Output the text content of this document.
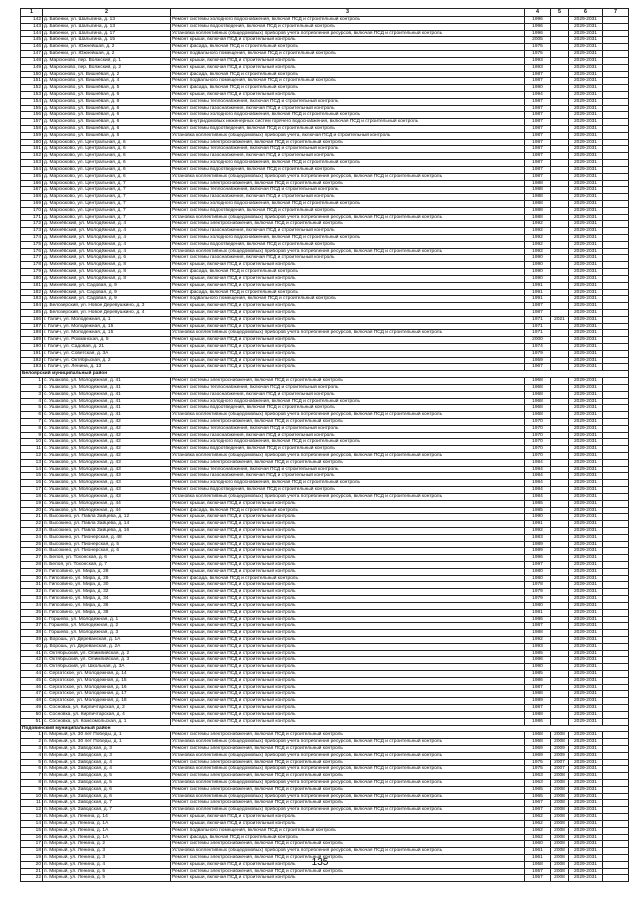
1	2	3	4	5	6	7
142	д. Бабенки, ул. Шалыгина, д. 13	Ремонт системы холодного водоснабжения, включая ПСД и строительный контроль	1996		2029-2031	
143	д. Бабенки, ул. Шалыгина, д. 13	Ремонт системы водоотведения, включая ПСД и строительный контроль	1996		2029-2031	
144	д. Бабенки, ул. Шалыгина, д. 17	Установка коллективных (общедомовых) приборов учета потребления ресурсов, включая ПСД и строительный контроль	1996		2029-2031	
145	д. Бабенки, ул. Шалыгина, д. 15	Ремонт крыши, включая ПСД и строительный контроль	2005		2029-2031	
146	д. Бабенки, ул. Южнейшая, д. 2	Ремонт фасада, включая ПСД и строительный контроль	1975		2029-2031	
147	д. Бабенки, ул. Южнейшая, д. 2	Ремонт подвального помещения, включая ПСД и строительный контроль	1975		2029-2031	
148	д. Марсюново, пер. Волжский, д. 1	Ремонт крыши, включая ПСД и строительный контроль	1993		2029-2031	
149	д. Марсюново, пер. Волжский, д. 2	Ремонт крыши, включая ПСД и строительный контроль	1993		2029-2031	
150	д. Марсюново, ул. Вишнёвая, д. 2	Ремонт фасада, включая ПСД и строительный контроль	1987		2029-2031	
151	д. Марсюново, ул. Вишнёвая, д. 4	Ремонт подвального помещения, включая ПСД и строительный контроль	1987		2029-2031	
152	д. Марсюново, ул. Вишнёвая, д. 5	Ремонт фасада, включая ПСД и строительный контроль	1990		2029-2031	
153	д. Марсюново, ул. Вишнёвая, д. 6	Ремонт крыши, включая ПСД и строительный контроль	1994		2029-2031	
154	д. Марсюново, ул. Вишнёвая, д. 6	Ремонт системы теплоснабжения, включая ПСД и строительный контроль	1987		2029-2031	
155	д. Марсюново, ул. Вишнёвая, д. 6	Ремонт системы газоснабжения, включая ПСД и строительный контроль	1987		2029-2031	
156	д. Марсюново, ул. Вишнёвая, д. 6	Ремонт системы холодного водоснабжения, включая ПСД и строительный контроль	1987		2029-2031	
157	д. Марсюново, ул. Вишнёвая, д. 6	Ремонт внутридомовых инженерных систем горячего водоснабжения, включая ПСД и строительный контроль	1987		2029-2031	
158	д. Марсюново, ул. Вишнёвая, д. 6	Ремонт системы водоотведения, включая ПСД и строительный контроль	1987		2029-2031	
159	д. Марсюново, ул. Вишнёвая, д. 6	Установка коллективных (общедомовых) приборов учета, включая ПСД и строительный контроль	1987		2029-2031	
160	д. Марсюково, ул. Центральная, д. 6	Ремонт системы электроснабжения, включая ПСД и строительный контроль	1987		2029-2031	
161	д. Марсюково, ул. Центральная, д. 6	Ремонт системы теплоснабжения, включая ПСД и строительный контроль	1987		2029-2031	
162	д. Марсюково, ул. Центральная, д. 6	Ремонт системы газоснабжения, включая ПСД и строительный контроль	1987		2029-2031	
163	д. Марсюково, ул. Центральная, д. 6	Ремонт системы холодного водоснабжения, включая ПСД и строительный контроль	1987		2029-2031	
164	д. Марсюково, ул. Центральная, д. 6	Ремонт системы водоотведения, включая ПСД и строительный контроль	1987		2029-2031	
165	д. Марсюково, ул. Центральная, д. 6	Установка коллективных (общедомовых) приборов учета потребления ресурсов, включая ПСД и строительный контроль	1987		2029-2031	
166	д. Марсюково, ул. Центральная, д. 7	Ремонт системы электроснабжения, включая ПСД и строительный контроль	1988		2029-2031	
167	д. Марсюково, ул. Центральная, д. 7	Ремонт системы теплоснабжения, включая ПСД и строительный контроль	1988		2029-2031	
168	д. Марсюково, ул. Центральная, д. 7	Ремонт системы газоснабжения, включая ПСД и строительный контроль	1988		2029-2031	
169	д. Марсюково, ул. Центральная, д. 7	Ремонт системы холодного водоснабжения, включая ПСД и строительный контроль	1988		2029-2031	
170	д. Марсюково, ул. Центральная, д. 7	Ремонт системы водоотведения, включая ПСД и строительный контроль	1988		2029-2031	
171	д. Марсюково, ул. Центральная, д. 7	Установка коллективных (общедомовых) приборов учета потребления ресурсов, включая ПСД и строительный контроль	1988		2029-2031	
172	д. Михнёвский, ул. Молодёжная, д. 4	Ремонт системы электроснабжения, включая ПСД и строительный контроль	1992		2029-2031	
173	д. Михнёвский, ул. Молодёжная, д. 4	Ремонт системы газоснабжения, включая ПСД и строительный контроль	1992		2029-2031	
174	д. Михнёвский, ул. Молодёжная, д. 4	Ремонт системы холодного водоснабжения, включая ПСД и строительный контроль	1992		2029-2031	
175	д. Михнёвский, ул. Молодёжная, д. 4	Ремонт системы водоотведения, включая ПСД и строительный контроль	1992		2029-2031	
176	д. Михнёвский, ул. Молодёжная, д. 4	Установка коллективных (общедомовых) приборов учета потребления ресурсов, включая ПСД и строительный контроль	1992		2029-2031	
177	д. Михнёвский, ул. Молодёжная, д. 6	Ремонт системы газоснабжения, включая ПСД и строительный контроль	1990		2029-2031	
178	д. Михнёвский, ул. Молодёжная, д. 8	Ремонт крыши, включая ПСД и строительный контроль	1990		2029-2031	
179	д. Михнёвский, ул. Молодёжная, д. 8	Ремонт фасада, включая ПСД и строительный контроль	1990		2029-2031	
180	д. Михнёвский, ул. Молодёжная, д. 8	Ремонт крыши, включая ПСД и строительный контроль	1990		2029-2031	
181	д. Михнёвский, ул. Садовая, д. 9	Ремонт крыши, включая ПСД и строительный контроль	1991		2029-2031	
182	д. Михнёвский, ул. Садовая, д. 9	Ремонт фасада, включая ПСД и строительный контроль	1991		2029-2031	
183	д. Михнёвский, ул. Садовая, д. 9	Ремонт подвального помещения, включая ПСД и строительный контроль	1991		2029-2031	
184	д. Белозерский, ул. Новое Деревушкино, д. 3	Ремонт крыши, включая ПСД и строительный контроль	1987		2029-2031	
185	д. Белозерский, ул. Новое Деревушкино, д. 4	Ремонт крыши, включая ПСД и строительный контроль	1987		2029-2031	
186	г. Галич, ул. Молодежная, д. 1	Ремонт крыши, включая ПСД и строительный контроль	1971	2021	2029-2031	
187	г. Галич, ул. Молодежная, д. 15	Ремонт крыши, включая ПСД и строительный контроль	1971		2029-2031	
188	г. Галич, ул. Молодежная, д. 15	Установка коллективных (общедомовых) приборов учета потребления ресурсов, включая ПСД и строительный контроль	1971		2029-2031	
189	г. Галич, ул. Рохманская, д. 5	Ремонт крыши, включая ПСД и строительный контроль	2000		2029-2031	
190	г. Галич, ул. Садовая, д. 21	Ремонт крыши, включая ПСД и строительный контроль	1974		2029-2031	
191	г. Галич, ул. Советская, д. 3А	Ремонт крыши, включая ПСД и строительный контроль	1979		2029-2031	
192	г. Галич, ул. Октябрьская, д. 2	Ремонт крыши, включая ПСД и строительный контроль	1959		2029-2031	
193	г. Галич, ул. Ленина, д. 13	Ремонт крыши, включая ПСД и строительный контроль	1967		2029-2031	
Белоярский муниципальный район						
1	с. Ушаково, ул. Молодежная, д. 41	Ремонт системы электроснабжения, включая ПСД и строительный контроль	1968		2029-2031	
2	с. Ушаково, ул. Молодежная, д. 41	Ремонт системы теплоснабжения, включая ПСД и строительный контроль	1968		2029-2031	
3	с. Ушаково, ул. Молодежная, д. 41	Ремонт системы газоснабжения, включая ПСД и строительный контроль	1968		2029-2031	
4	с. Ушаково, ул. Молодежная, д. 41	Ремонт системы холодного водоснабжения, включая ПСД и строительный контроль	1968		2029-2031	
5	с. Ушаково, ул. Молодежная, д. 41	Ремонт системы водоотведения, включая ПСД и строительный контроль	1968		2029-2031	
6	с. Ушаково, ул. Молодежная, д. 41	Установка коллективных (общедомовых) приборов учета потребления ресурсов, включая ПСД и строительный контроль	1968		2029-2031	
7	с. Ушаково, ул. Молодежная, д. 42	Ремонт системы электроснабжения, включая ПСД и строительный контроль	1970		2029-2031	
8	с. Ушаково, ул. Молодежная, д. 42	Ремонт системы теплоснабжения, включая ПСД и строительный контроль	1970		2029-2031	
9	с. Ушаково, ул. Молодежная, д. 42	Ремонт системы газоснабжения, включая ПСД и строительный контроль	1970		2029-2031	
10	с. Ушаково, ул. Молодежная, д. 42	Ремонт системы холодного водоснабжения, включая ПСД и строительный контроль	1970		2029-2031	
11	с. Ушаково, ул. Молодежная, д. 42	Ремонт системы водоотведения, включая ПСД и строительный контроль	1970		2029-2031	
12	с. Ушаково, ул. Молодежная, д. 42	Установка коллективных (общедомовых) приборов учета потребления ресурсов, включая ПСД и строительный контроль	1970		2029-2031	
13	с. Ушаково, ул. Молодежная, д. 43	Ремонт системы электроснабжения, включая ПСД и строительный контроль	1984		2029-2031	
14	с. Ушаково, ул. Молодежная, д. 43	Ремонт системы теплоснабжения, включая ПСД и строительный контроль	1984		2029-2031	
15	с. Ушаково, ул. Молодежная, д. 43	Ремонт системы газоснабжения, включая ПСД и строительный контроль	1984		2029-2031	
16	с. Ушаково, ул. Молодежная, д. 43	Ремонт системы холодного водоснабжения, включая ПСД и строительный контроль	1984		2029-2031	
17	с. Ушаково, ул. Молодежная, д. 43	Ремонт системы водоотведения, включая ПСД и строительный контроль	1984		2029-2031	
18	с. Ушаково, ул. Молодежная, д. 43	Установка коллективных (общедомовых) приборов учета потребления ресурсов, включая ПСД и строительный контроль	1984		2029-2031	
19	с. Ушаково, ул. Молодежная, д. 44	Ремонт крыши, включая ПСД и строительный контроль	1985		2029-2031	
20	с. Ушаково, ул. Молодежная, д. 44	Ремонт фасада, включая ПСД и строительный контроль	1985		2029-2031	
21	п. Высокино, ул. Павла Зайцева, д. 12	Ремонт крыши, включая ПСД и строительный контроль	1990		2029-2031	
22	п. Высокино, ул. Павла Зайцева, д. 14	Ремонт крыши, включая ПСД и строительный контроль	1991		2029-2031	
23	п. Высокино, ул. Павла Зайцева, д. 16	Ремонт крыши, включая ПСД и строительный контроль	1992		2029-2031	
24	п. Высокино, ул. Пионерская, д. 48	Ремонт крыши, включая ПСД и строительный контроль	1983		2029-2031	
25	п. Высокино, ул. Пионерская, д. 5	Ремонт крыши, включая ПСД и строительный контроль	1989		2029-2031	
26	п. Высокино, ул. Пионерская, д. 6	Ремонт крыши, включая ПСД и строительный контроль	1989		2029-2031	
27	п. Белоя, ул. Тохонская, д. 6	Ремонт крыши, включая ПСД и строительный контроль	1996		2029-2031	
28	п. Белоя, ул. Тохонская, д. 7	Ремонт крыши, включая ПСД и строительный контроль	1997		2029-2031	
29	п. Гипсовино, ул. Мира, д. 28	Ремонт крыши, включая ПСД и строительный контроль	1980		2029-2031	
30	п. Гипсовино, ул. Мира, д. 28	Ремонт фасада, включая ПСД и строительный контроль	1980		2029-2031	
31	п. Гипсовино, ул. Мира, д. 30	Ремонт крыши, включая ПСД и строительный контроль	1978		2029-2031	
32	п. Гипсовино, ул. Мира, д. 32	Ремонт крыши, включая ПСД и строительный контроль	1979		2029-2031	
33	п. Гипсовино, ул. Мира, д. 34	Ремонт крыши, включая ПСД и строительный контроль	1979		2029-2031	
34	п. Гипсовино, ул. Мира, д. 36	Ремонт крыши, включая ПСД и строительный контроль	1980		2029-2031	
35	п. Гипсовино, ул. Мира, д. 38	Ремонт крыши, включая ПСД и строительный контроль	1981		2029-2031	
36	с. Горшево, ул. Молодежная, д. 1	Ремонт крыши, включая ПСД и строительный контроль	1986		2029-2031	
37	с. Горшево, ул. Молодежная, д. 2	Ремонт крыши, включая ПСД и строительный контроль	1987		2029-2031	
38	с. Горшево, ул. Молодежная, д. 3	Ремонт крыши, включая ПСД и строительный контроль	1988		2029-2031	
39	д. Ворошь, ул. Дереванская, д. 1А	Ремонт крыши, включая ПСД и строительный контроль	1992		2029-2031	
40	д. Ворошь, ул. Дереванская, д. 2А	Ремонт крыши, включая ПСД и строительный контроль	1993		2029-2031	
41	п. Октябрьский, ул. Олимпийская, д. 2	Ремонт крыши, включая ПСД и строительный контроль	1985		2029-2031	
42	п. Октябрьский, ул. Олимпийская, д. 3	Ремонт крыши, включая ПСД и строительный контроль	1986		2029-2031	
43	п. Октябрьский, ул. Школьная, д. 3А	Ремонт крыши, включая ПСД и строительный контроль	1990		2029-2031	
44	с. Сергатское, ул. Молодежная, д. 14	Ремонт крыши, включая ПСД и строительный контроль	1985		2029-2031	
45	с. Сергатское, ул. Молодежная, д. 15	Ремонт крыши, включая ПСД и строительный контроль	1986		2029-2031	
46	с. Сергатское, ул. Молодежная, д. 16	Ремонт крыши, включая ПСД и строительный контроль	1987		2029-2031	
47	с. Сергатское, ул. Молодежная, д. 17	Ремонт крыши, включая ПСД и строительный контроль	1988		2029-2031	
48	с. Сергатское, ул. Молодежная, д. 18	Ремонт крыши, включая ПСД и строительный контроль	1989		2029-2031	
49	с. Сосновка, ул. Кирпичтарская, д. 2	Ремонт крыши, включая ПСД и строительный контроль	1987		2029-2031	
50	с. Сосновка, ул. Кирпичтарская, д. 4	Ремонт крыши, включая ПСД и строительный контроль	1988		2029-2031	
51	с. Сосновка, ул. Комсомольская, д. 1	Ремонт крыши, включая ПСД и строительный контроль	1986		2029-2031	
Подовинский муниципальный район						
1	п. Мирный, ул. 30 лет Победы, д. 1	Ремонт системы электроснабжения, включая ПСД и строительный контроль	1968	2008	2029-2031	
2	п. Мирный, ул. 30 лет Победы, д. 1	Установка коллективных (общедомовых) приборов учета потребления ресурсов, включая ПСД и строительный контроль	1968	2008	2029-2031	
3	п. Мирный, ул. Заводская, д. 3	Ремонт системы электроснабжения, включая ПСД и строительный контроль	1969	2009	2029-2031	
4	п. Мирный, ул. Заводская, д. 3	Установка коллективных (общедомовых) приборов учета потребления ресурсов, включая ПСД и строительный контроль	1969	2009	2029-2031	
5	п. Мирный, ул. Заводская, д. 4	Ремонт системы электроснабжения, включая ПСД и строительный контроль	1975	2007	2029-2031	
6	п. Мирный, ул. Заводская, д. 4	Установка коллективных (общедомовых) приборов учета потребления ресурсов, включая ПСД и строительный контроль	1975	2007	2029-2031	
7	п. Мирный, ул. Заводская, д. 5	Ремонт системы электроснабжения, включая ПСД и строительный контроль	1963	2008	2029-2031	
8	п. Мирный, ул. Заводская, д. 5	Установка коллективных (общедомовых) приборов учета потребления ресурсов, включая ПСД и строительный контроль	1963	2008	2029-2031	
9	п. Мирный, ул. Заводская, д. 6	Ремонт системы электроснабжения, включая ПСД и строительный контроль	1965	2008	2029-2031	
10	п. Мирный, ул. Заводская, д. 6	Установка коллективных (общедомовых) приборов учета потребления ресурсов, включая ПСД и строительный контроль	1965	2008	2029-2031	
11	п. Мирный, ул. Заводская, д. 7	Ремонт системы электроснабжения, включая ПСД и строительный контроль	1967	2008	2029-2031	
12	п. Мирный, ул. Заводская, д. 7	Установка коллективных (общедомовых) приборов учета потребления ресурсов, включая ПСД и строительный контроль	1967	2008	2029-2031	
13	п. Мирный, ул. Ленина, д. 14	Ремонт крыши, включая ПСД и строительный контроль	1962	2008	2029-2031	
14	п. Мирный, ул. Ленина, д. 1А	Ремонт крыши, включая ПСД и строительный контроль	1962	2008	2029-2031	
15	п. Мирный, ул. Ленина, д. 1А	Ремонт подвального помещения, включая ПСД и строительный контроль	1962	2008	2029-2031	
16	п. Мирный, ул. Ленина, д. 1А	Ремонт фасада, включая ПСД и строительный контроль	1962	2008	2029-2031	
17	п. Мирный, ул. Ленина, д. 2	Ремонт системы электроснабжения, включая ПСД и строительный контроль	1960	2008	2029-2031	
18	п. Мирный, ул. Ленина, д. 3	Установка коллективных (общедомовых) приборов учета потребления ресурсов, включая ПСД и строительный контроль	1961	2008	2029-2031	
19	п. Мирный, ул. Ленина, д. 3	Ремонт системы электроснабжения, включая ПСД и строительный контроль	1961	2008	2029-2031	
20	п. Мирный, ул. Ленина, д. 4	Ремонт крыши, включая ПСД и строительный контроль	1958	2008	2029-2031	
21	п. Мирный, ул. Ленина, д. 5	Ремонт системы электроснабжения, включая ПСД и строительный контроль	1957	2008	2029-2031	
22	п. Мирный, ул. Ленина, д. 5	Ремонт крыши, включая ПСД и строительный контроль	1957	2008	2029-2031	
135
